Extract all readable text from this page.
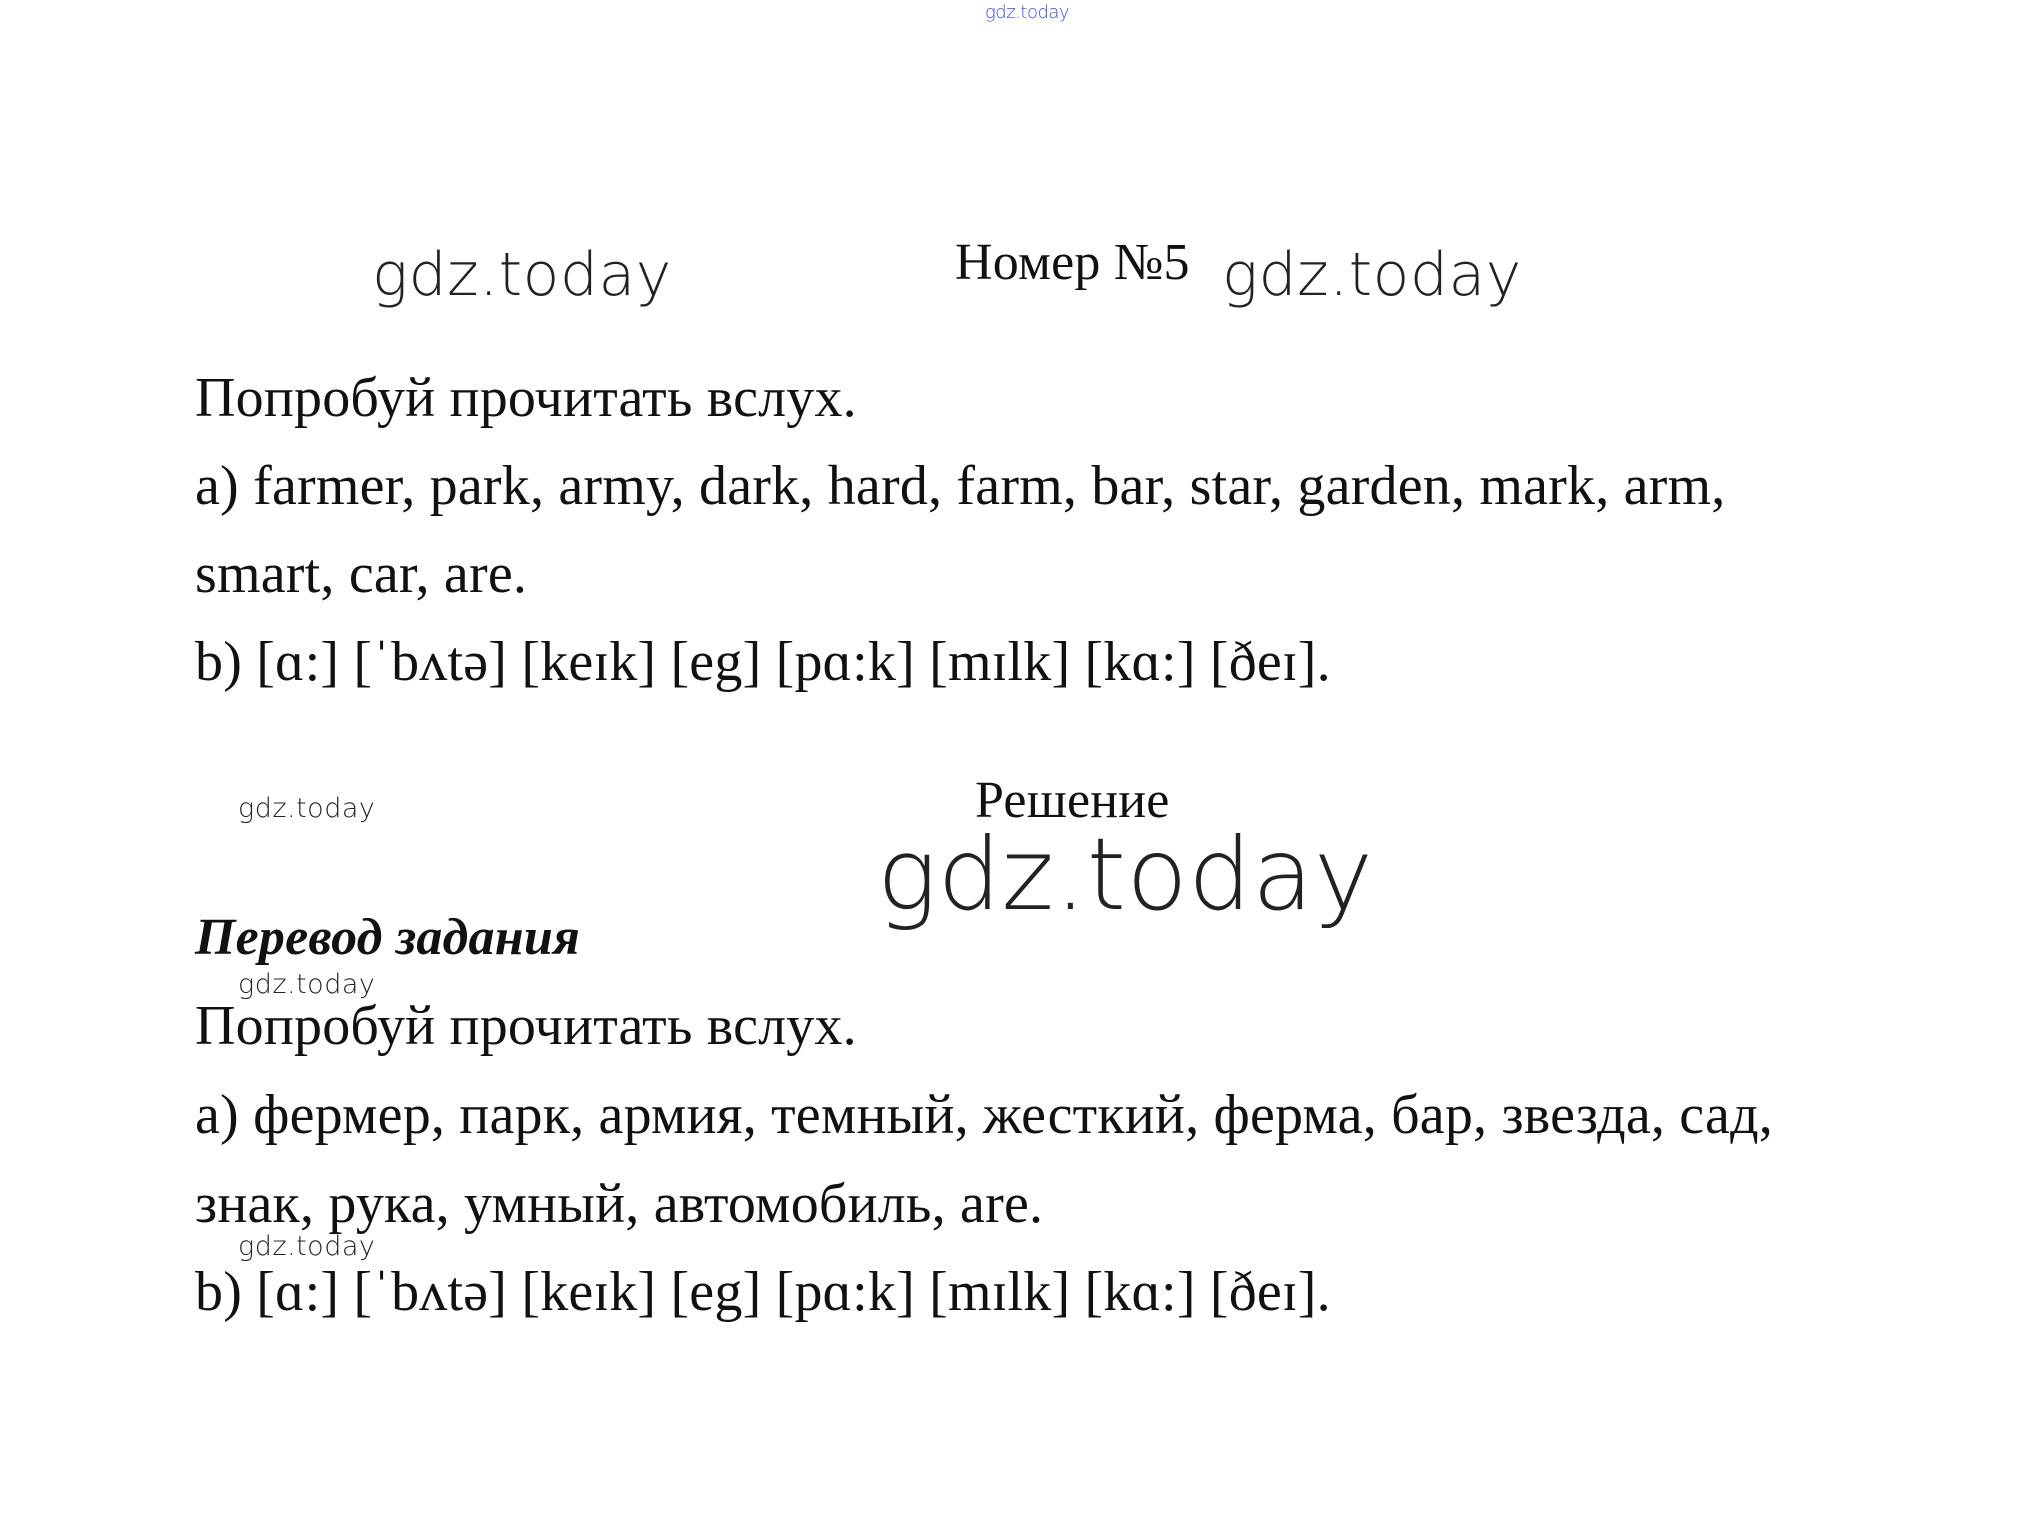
gdz.today
gdz.today	Номер №5 gdz.today
Попробуй прочитать вслух.
a) farmer, park, army, dark, hard, farm, bar, star, garden, mark, arm,
smart, car, are.
b) [ɑ:] [ˈbʌtə] [keɪk] [eg] [pɑ:k] [mɪlk] [kɑ:] [ðeɪ].
gdz.today	Решение
gdz.today
Перевод задания
gdz.today
Попробуй прочитать вслух.
a) фермер, парк, армия, темный, жесткий, ферма, бар, звезда, сад,
знак, рука, умный, автомобиль, are.
gdz.today
b) [ɑ:] [ˈbʌtə] [keɪk] [eg] [pɑ:k] [mɪlk] [kɑ:] [ðeɪ].
